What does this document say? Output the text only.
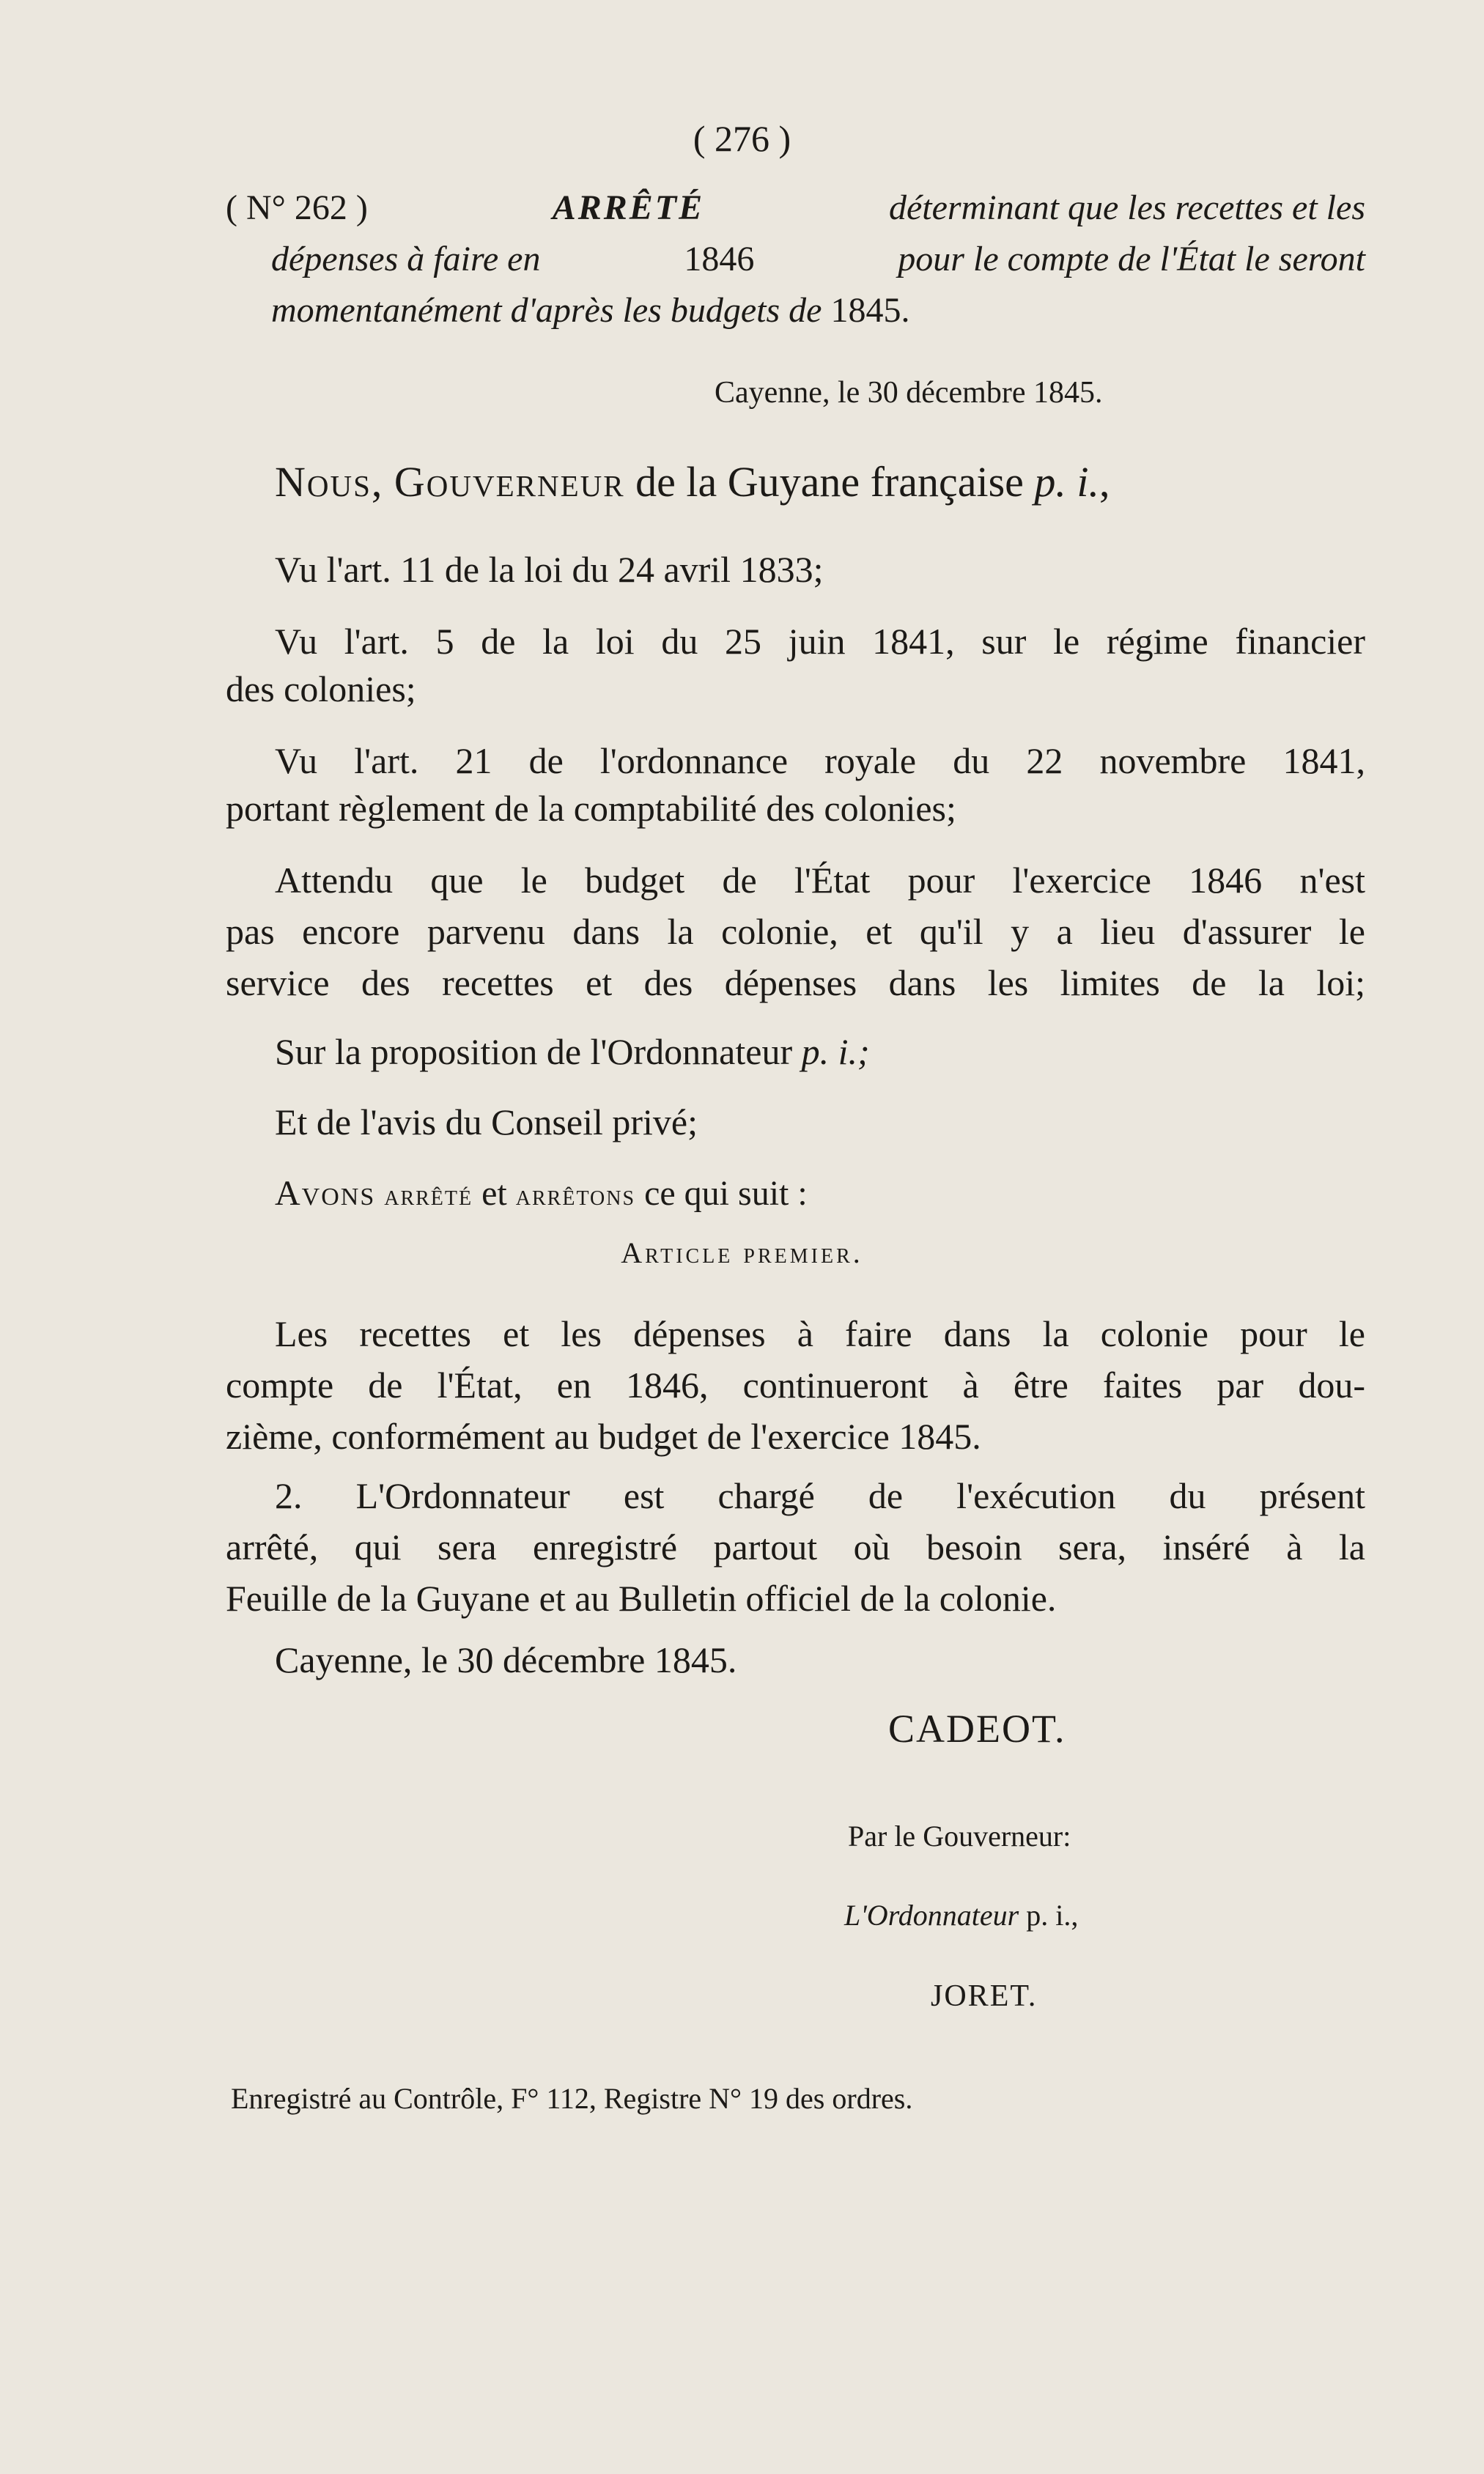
( 276 )
( N° 262 )	ARRÊTÉ	déterminant que les recettes et les
dépenses à faire en	1846	pour le compte de l'État le seront
momentanément d'après les budgets de 1845.
Cayenne, le 30 décembre 1845.
Nous, Gouverneur de la Guyane française p. i.,
Vu l'art. 11 de la loi du 24 avril 1833;
Vu l'art. 5 de la loi du 25 juin 1841, sur le régime financier
des colonies;
Vu l'art. 21 de l'ordonnance royale du 22 novembre 1841,
portant règlement de la comptabilité des colonies;
Attendu que le budget de l'État pour l'exercice 1846 n'est
pas encore parvenu dans la colonie, et qu'il y a lieu d'assurer le
service des recettes et des dépenses dans les limites de la loi;
Sur la proposition de l'Ordonnateur p. i.;
Et de l'avis du Conseil privé;
Avons arrêté et arrêtons ce qui suit :
Article premier.
Les recettes et les dépenses à faire dans la colonie pour le
compte de l'État, en 1846, continueront à être faites par dou-
zième, conformément au budget de l'exercice 1845.
2. L'Ordonnateur est chargé de l'exécution du présent
arrêté, qui sera enregistré partout où besoin sera, inséré à la
Feuille de la Guyane et au Bulletin officiel de la colonie.
Cayenne, le 30 décembre 1845.
CADEOT.
Par le Gouverneur:
L'Ordonnateur p. i.,
JORET.
Enregistré au Contrôle, F° 112, Registre N° 19 des ordres.
